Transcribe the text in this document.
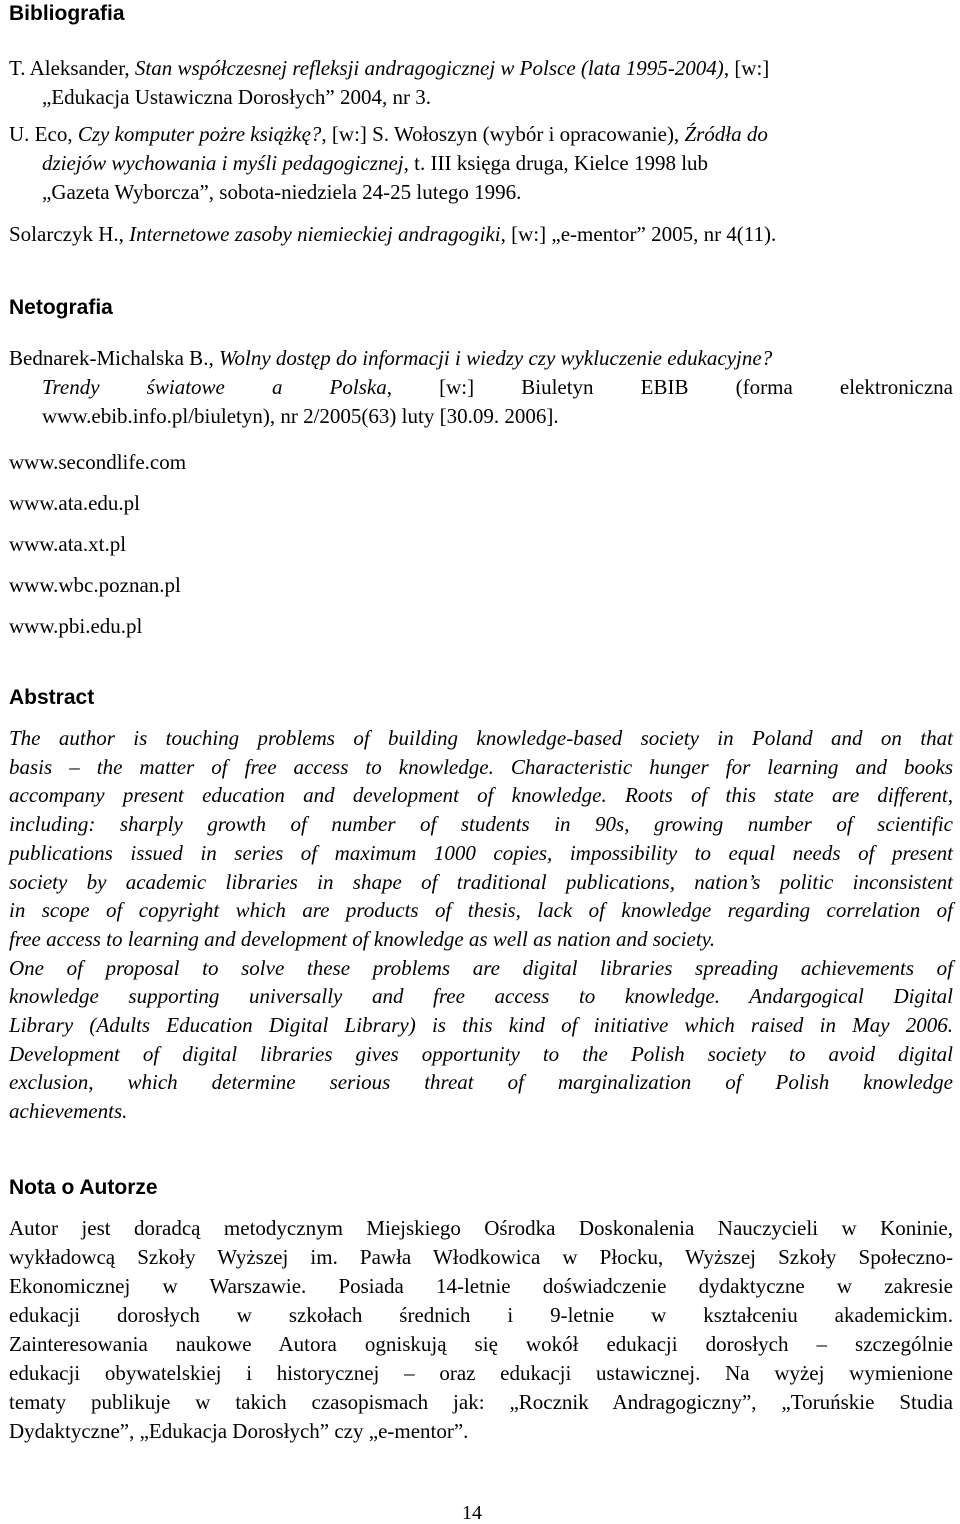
Bibliografia
T. Aleksander, Stan współczesnej refleksji andragogicznej w Polsce (lata 1995-2004), [w:]
„Edukacja Ustawiczna Dorosłych” 2004, nr 3.
U. Eco, Czy komputer pożre książkę?, [w:] S. Wołoszyn (wybór i opracowanie), Źródła do
dziejów wychowania i myśli pedagogicznej, t. III księga druga, Kielce 1998 lub
„Gazeta Wyborcza”, sobota-niedziela 24-25 lutego 1996.
Solarczyk H., Internetowe zasoby niemieckiej andragogiki, [w:] „e-mentor” 2005, nr 4(11).
Netografia
Bednarek-Michalska B., Wolny dostęp do informacji i wiedzy czy wykluczenie edukacyjne?
Trendy światowe a Polska, [w:] Biuletyn EBIB (forma elektroniczna
www.ebib.info.pl/biuletyn), nr 2/2005(63) luty [30.09. 2006].

www.secondlife.com

www.ata.edu.pl

www.ata.xt.pl

www.wbc.poznan.pl

www.pbi.edu.pl

Abstract
The author is touching problems of building knowledge-based society in Poland and on that
basis – the matter of free access to knowledge. Characteristic hunger for learning and books
accompany present education and development of knowledge. Roots of this state are different,
including: sharply growth of number of students in 90s, growing number of scientific
publications issued in series of maximum 1000 copies, impossibility to equal needs of present
society by academic libraries in shape of traditional publications, nation’s politic inconsistent
in scope of copyright which are products of thesis, lack of knowledge regarding correlation of
free access to learning and development of knowledge as well as nation and society.
One of proposal to solve these problems are digital libraries spreading achievements of
knowledge supporting universally and free access to knowledge. Andargogical Digital
Library (Adults Education Digital Library) is this kind of initiative which raised in May 2006.
Development of digital libraries gives opportunity to the Polish society to avoid digital
exclusion, which determine serious threat of marginalization of Polish knowledge
achievements.
Nota o Autorze
Autor jest doradcą metodycznym Miejskiego Ośrodka Doskonalenia Nauczycieli w Koninie,
wykładowcą Szkoły Wyższej im. Pawła Włodkowica w Płocku, Wyższej Szkoły Społeczno-
Ekonomicznej w Warszawie. Posiada 14-letnie doświadczenie dydaktyczne w zakresie
edukacji dorosłych w szkołach średnich i 9-letnie w kształceniu akademickim.
Zainteresowania naukowe Autora ogniskują się wokół edukacji dorosłych – szczególnie
edukacji obywatelskiej i historycznej – oraz edukacji ustawicznej. Na wyżej wymienione
tematy publikuje w takich czasopismach jak: „Rocznik Andragogiczny”, „Toruńskie Studia
Dydaktyczne”, „Edukacja Dorosłych” czy „e-mentor”.

14
